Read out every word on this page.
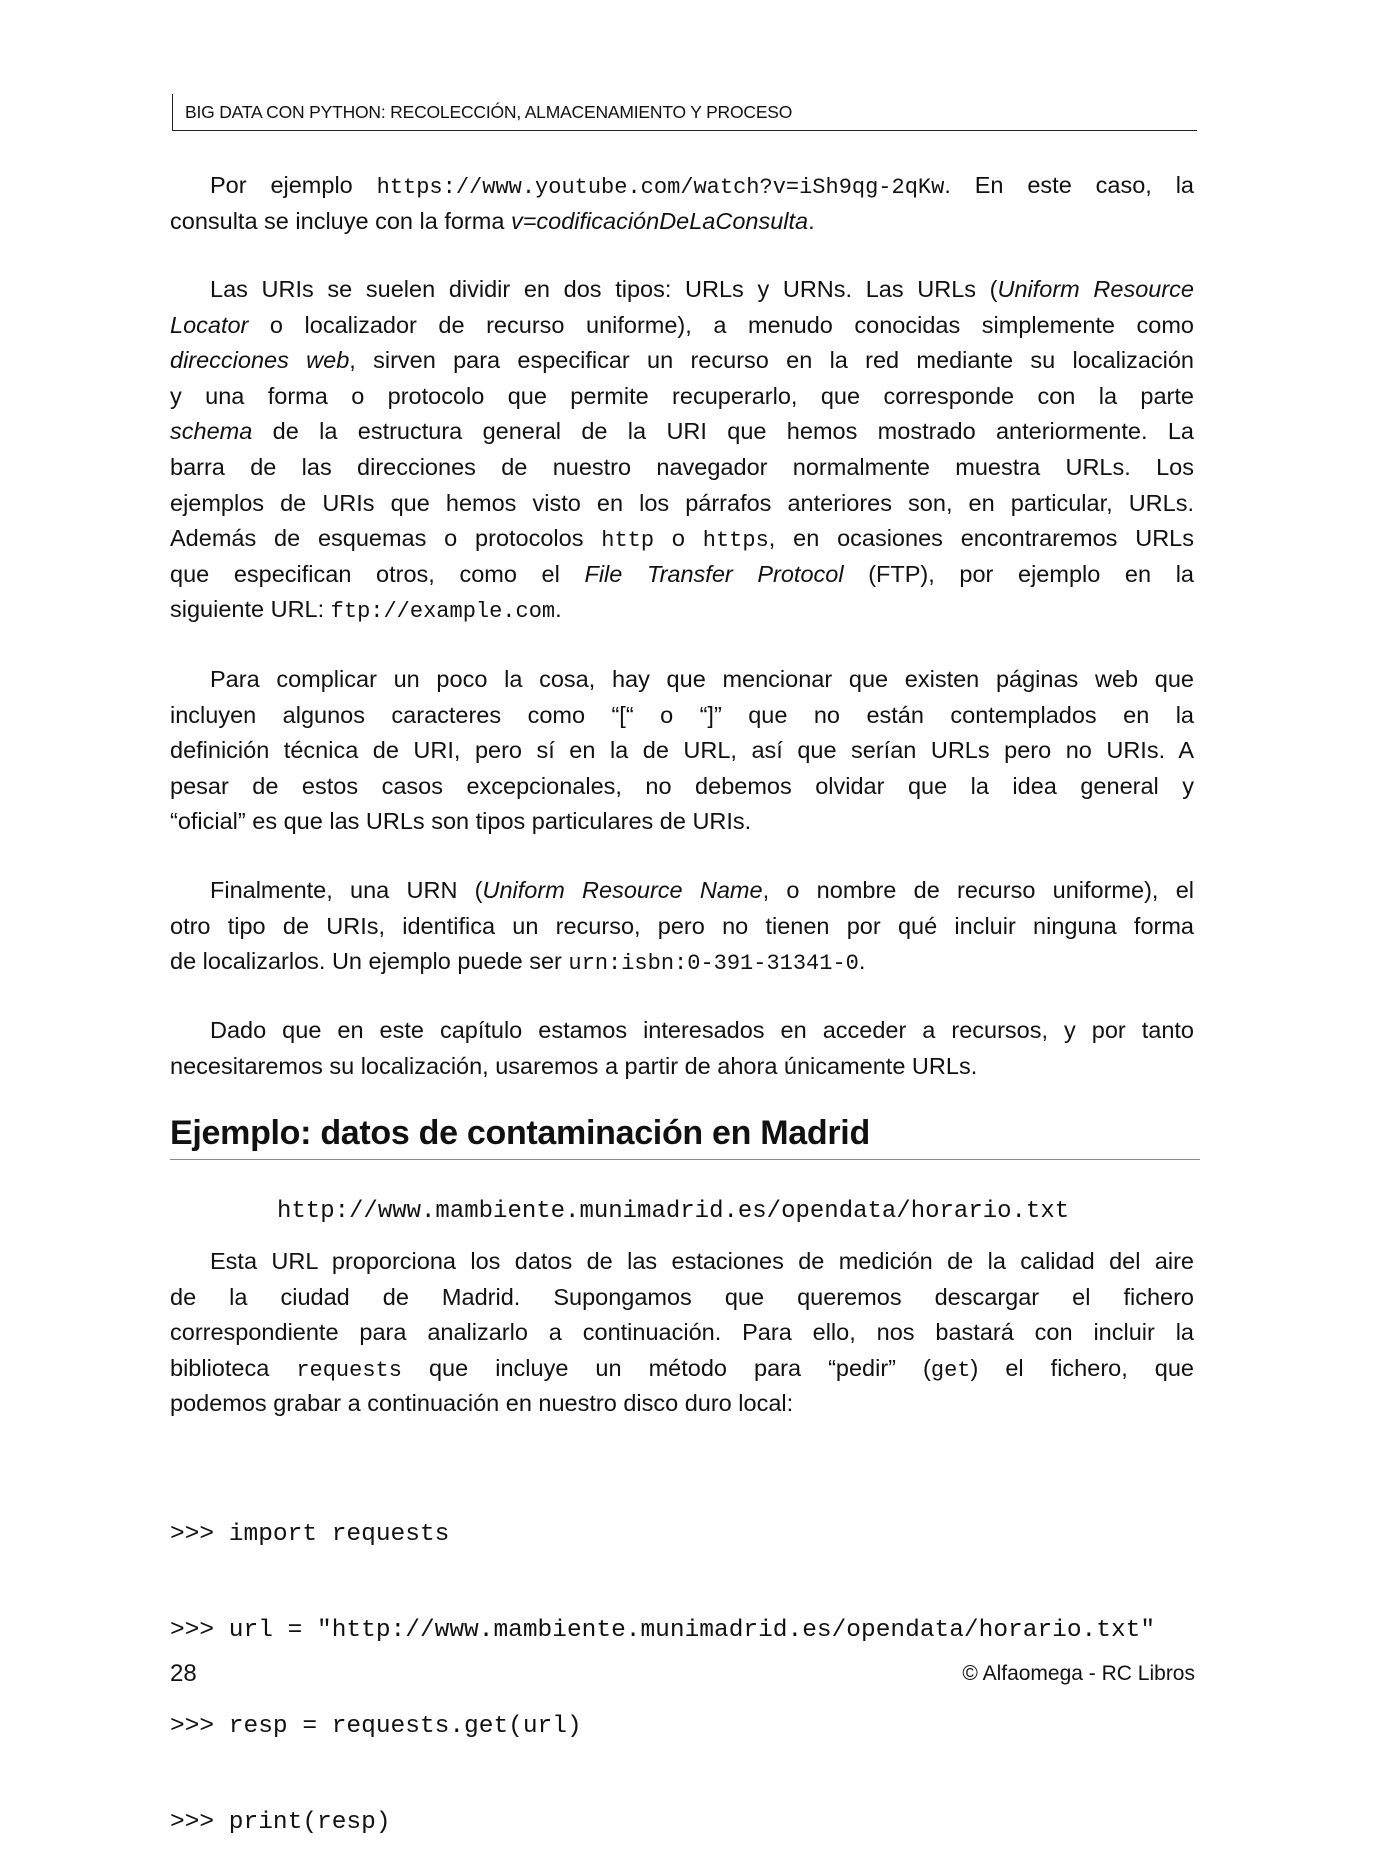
BIG DATA CON PYTHON: RECOLECCIÓN, ALMACENAMIENTO Y PROCESO
Por ejemplo https://www.youtube.com/watch?v=iSh9qg-2qKw. En este caso, la
consulta se incluye con la forma v=codificaciónDeLaConsulta.
Las URIs se suelen dividir en dos tipos: URLs y URNs. Las URLs (Uniform Resource
Locator o localizador de recurso uniforme), a menudo conocidas simplemente como
direcciones web, sirven para especificar un recurso en la red mediante su localización
y una forma o protocolo que permite recuperarlo, que corresponde con la parte
schema de la estructura general de la URI que hemos mostrado anteriormente. La
barra de las direcciones de nuestro navegador normalmente muestra URLs. Los
ejemplos de URIs que hemos visto en los párrafos anteriores son, en particular, URLs.
Además de esquemas o protocolos http o https, en ocasiones encontraremos URLs
que especifican otros, como el File Transfer Protocol (FTP), por ejemplo en la
siguiente URL: ftp://example.com.
Para complicar un poco la cosa, hay que mencionar que existen páginas web que
incluyen algunos caracteres como “[“ o “]” que no están contemplados en la
definición técnica de URI, pero sí en la de URL, así que serían URLs pero no URIs. A
pesar de estos casos excepcionales, no debemos olvidar que la idea general y
“oficial” es que las URLs son tipos particulares de URIs.
Finalmente, una URN (Uniform Resource Name, o nombre de recurso uniforme), el
otro tipo de URIs, identifica un recurso, pero no tienen por qué incluir ninguna forma
de localizarlos. Un ejemplo puede ser urn:isbn:0-391-31341-0.
Dado que en este capítulo estamos interesados en acceder a recursos, y por tanto
necesitaremos su localización, usaremos a partir de ahora únicamente URLs.
Ejemplo: datos de contaminación en Madrid
http://www.mambiente.munimadrid.es/opendata/horario.txt
Esta URL proporciona los datos de las estaciones de medición de la calidad del aire
de la ciudad de Madrid. Supongamos que queremos descargar el fichero
correspondiente para analizarlo a continuación. Para ello, nos bastará con incluir la
biblioteca requests que incluye un método para “pedir” (get) el fichero, que
podemos grabar a continuación en nuestro disco duro local:

>>> import requests

>>> url = "http://www.mambiente.munimadrid.es/opendata/horario.txt"

>>> resp = requests.get(url)

>>> print(resp)

28	© Alfaomega - RC Libros
